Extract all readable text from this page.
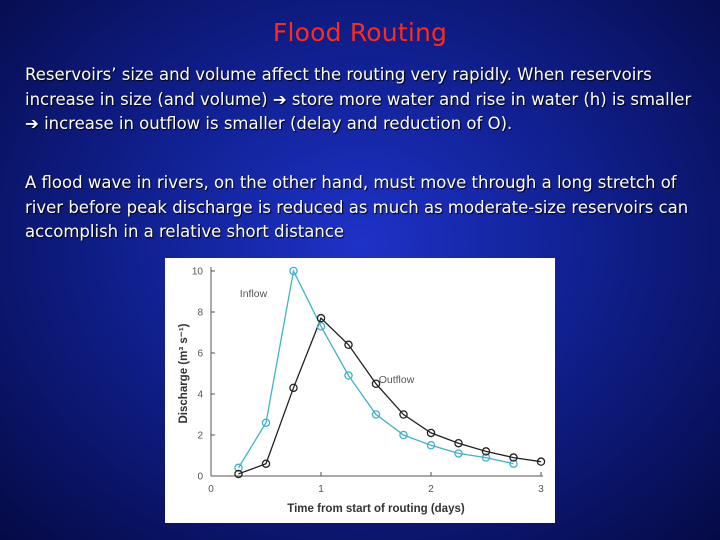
Flood Routing

Reservoirs’ size and volume affect the routing very rapidly. When reservoirs increase in size (and volume) ➔ store more water and rise in water (h) is smaller ➔ increase in outflow is smaller (delay and reduction of O).

A flood wave in rivers, on the other hand, must move through a long stretch of river before peak discharge is reduced as much as moderate-size reservoirs can accomplish in a relative short distance

0
2
4
6
8
10
0	1	2	3
Time from start of routing (days)
Discharge (m³ s⁻¹)
Inflow
Outflow
